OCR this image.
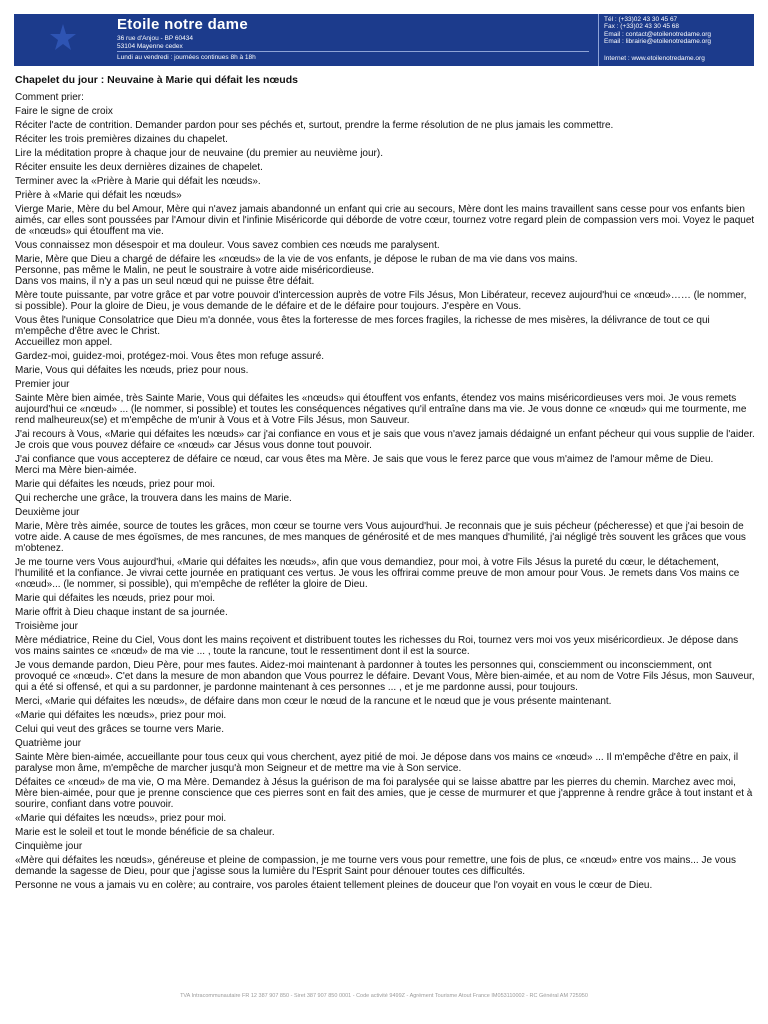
Etoile notre dame
36 rue d'Anjou - BP 60434
53104 Mayenne cedex
Lundi au vendredi : journées continues 8h à 18h
Tél : (+33)02 43 30 45 67
Fax : (+33)02 43 30 45 68
Email : contact@etoilenotredame.org
Email : librairie@etoilenotredame.org
Internet : www.etoilenotredame.org
Chapelet du jour : Neuvaine à Marie qui défait les nœuds

Comment prier:

Faire le signe de croix

Réciter l'acte de contrition. Demander pardon pour ses péchés et, surtout, prendre la ferme résolution de ne plus jamais les commettre.

Réciter les trois premières dizaines du chapelet.

Lire la méditation propre à chaque jour de neuvaine (du premier au neuvième jour).

Réciter ensuite les deux dernières dizaines de chapelet.

Terminer avec la «Prière à Marie qui défait les nœuds».

Prière à «Marie qui défait les nœuds»

Vierge Marie, Mère du bel Amour, Mère qui n'avez jamais abandonné un enfant qui crie au secours, Mère dont les mains travaillent sans cesse pour vos enfants bien aimés, car elles sont poussées par l'Amour divin et l'infinie Miséricorde qui déborde de votre cœur, tournez votre regard plein de compassion vers moi. Voyez le paquet de «nœuds» qui étouffent ma vie.

Vous connaissez mon désespoir et ma douleur. Vous savez combien ces nœuds me paralysent.

Marie, Mère que Dieu a chargé de défaire les «nœuds» de la vie de vos enfants, je dépose le ruban de ma vie dans vos mains.
Personne, pas même le Malin, ne peut le soustraire à votre aide miséricordieuse.
Dans vos mains, il n'y a pas un seul nœud qui ne puisse être défait.

Mère toute puissante, par votre grâce et par votre pouvoir d'intercession auprès de votre Fils Jésus, Mon Libérateur, recevez aujourd'hui ce «nœud»…… (le nommer, si possible). Pour la gloire de Dieu, je vous demande de le défaire et de le défaire pour toujours. J'espère en Vous.

Vous êtes l'unique Consolatrice que Dieu m'a donnée, vous êtes la forteresse de mes forces fragiles, la richesse de mes misères, la délivrance de tout ce qui m'empêche d'être avec le Christ.
Accueillez mon appel.

Gardez-moi, guidez-moi, protégez-moi. Vous êtes mon refuge assuré.

Marie, Vous qui défaites les nœuds, priez pour nous.

Premier jour

Sainte Mère bien aimée, très Sainte Marie, Vous qui défaites les «nœuds» qui étouffent vos enfants, étendez vos mains miséricordieuses vers moi. Je vous remets aujourd'hui ce «nœud» ... (le nommer, si possible) et toutes les conséquences négatives qu'il entraîne dans ma vie. Je vous donne ce «nœud» qui me tourmente, me rend malheureux(se) et m'empêche de m'unir à Vous et à Votre Fils Jésus, mon Sauveur.

J'ai recours à Vous, «Marie qui défaites les nœuds» car j'ai confiance en vous et je sais que vous n'avez jamais dédaigné un enfant pécheur qui vous supplie de l'aider. Je crois que vous pouvez défaire ce «nœud» car Jésus vous donne tout pouvoir.

J'ai confiance que vous accepterez de défaire ce nœud, car vous êtes ma Mère. Je sais que vous le ferez parce que vous m'aimez de l'amour même de Dieu.
Merci ma Mère bien-aimée.

Marie qui défaites les nœuds, priez pour moi.

Qui recherche une grâce, la trouvera dans les mains de Marie.

Deuxième jour

Marie, Mère très aimée, source de toutes les grâces, mon cœur se tourne vers Vous aujourd'hui. Je reconnais que je suis pécheur (pécheresse) et que j'ai besoin de votre aide. A cause de mes égoïsmes, de mes rancunes, de mes manques de générosité et de mes manques d'humilité, j'ai négligé très souvent les grâces que vous m'obtenez.

Je me tourne vers Vous aujourd'hui, «Marie qui défaites les nœuds», afin que vous demandiez, pour moi, à votre Fils Jésus la pureté du cœur, le détachement, l'humilité et la confiance. Je vivrai cette journée en pratiquant ces vertus. Je vous les offrirai comme preuve de mon amour pour Vous. Je remets dans Vos mains ce «nœud»... (le nommer, si possible), qui m'empêche de refléter la gloire de Dieu.

Marie qui défaites les nœuds, priez pour moi.

Marie offrit à Dieu chaque instant de sa journée.

Troisième jour

Mère médiatrice, Reine du Ciel, Vous dont les mains reçoivent et distribuent toutes les richesses du Roi, tournez vers moi vos yeux miséricordieux. Je dépose dans vos mains saintes ce «nœud» de ma vie ... , toute la rancune, tout le ressentiment dont il est la source.

Je vous demande pardon, Dieu Père, pour mes fautes. Aidez-moi maintenant à pardonner à toutes les personnes qui, consciemment ou inconsciemment, ont provoqué ce «nœud». C'et dans la mesure de mon abandon que Vous pourrez le défaire. Devant Vous, Mère bien-aimée, et au nom de Votre Fils Jésus, mon Sauveur, qui a été si offensé, et qui a su pardonner, je pardonne maintenant à ces personnes ... , et je me pardonne aussi, pour toujours.

Merci, «Marie qui défaites les nœuds», de défaire dans mon cœur le nœud de la rancune et le nœud que je vous présente maintenant.

«Marie qui défaites les nœuds», priez pour moi.

Celui qui veut des grâces se tourne vers Marie.

Quatrième jour

Sainte Mère bien-aimée, accueillante pour tous ceux qui vous cherchent, ayez pitié de moi. Je dépose dans vos mains ce «nœud» ... Il m'empêche d'être en paix, il paralyse mon âme, m'empêche de marcher jusqu'à mon Seigneur et de mettre ma vie à Son service.

Défaites ce «nœud» de ma vie, O ma Mère. Demandez à Jésus la guérison de ma foi paralysée qui se laisse abattre par les pierres du chemin. Marchez avec moi, Mère bien-aimée, pour que je prenne conscience que ces pierres sont en fait des amies, que je cesse de murmurer et que j'apprenne à rendre grâce à tout instant et à sourire, confiant dans votre pouvoir.

«Marie qui défaites les nœuds», priez pour moi.

Marie est le soleil et tout le monde bénéficie de sa chaleur.

Cinquième jour

«Mère qui défaites les nœuds», généreuse et pleine de compassion, je me tourne vers vous pour remettre, une fois de plus, ce «nœud» entre vos mains... Je vous demande la sagesse de Dieu, pour que j'agisse sous la lumière du l'Esprit Saint pour dénouer toutes ces difficultés.

Personne ne vous a jamais vu en colère; au contraire, vos paroles étaient tellement pleines de douceur que l'on voyait en vous le cœur de Dieu.

TVA Intracommunautaire FR 12 387 907 850 - Siret 387 907 850 0001 - Code activité 9499Z - Agrément Tourisme Atout France IM053110002 - RC Général AM 725950
